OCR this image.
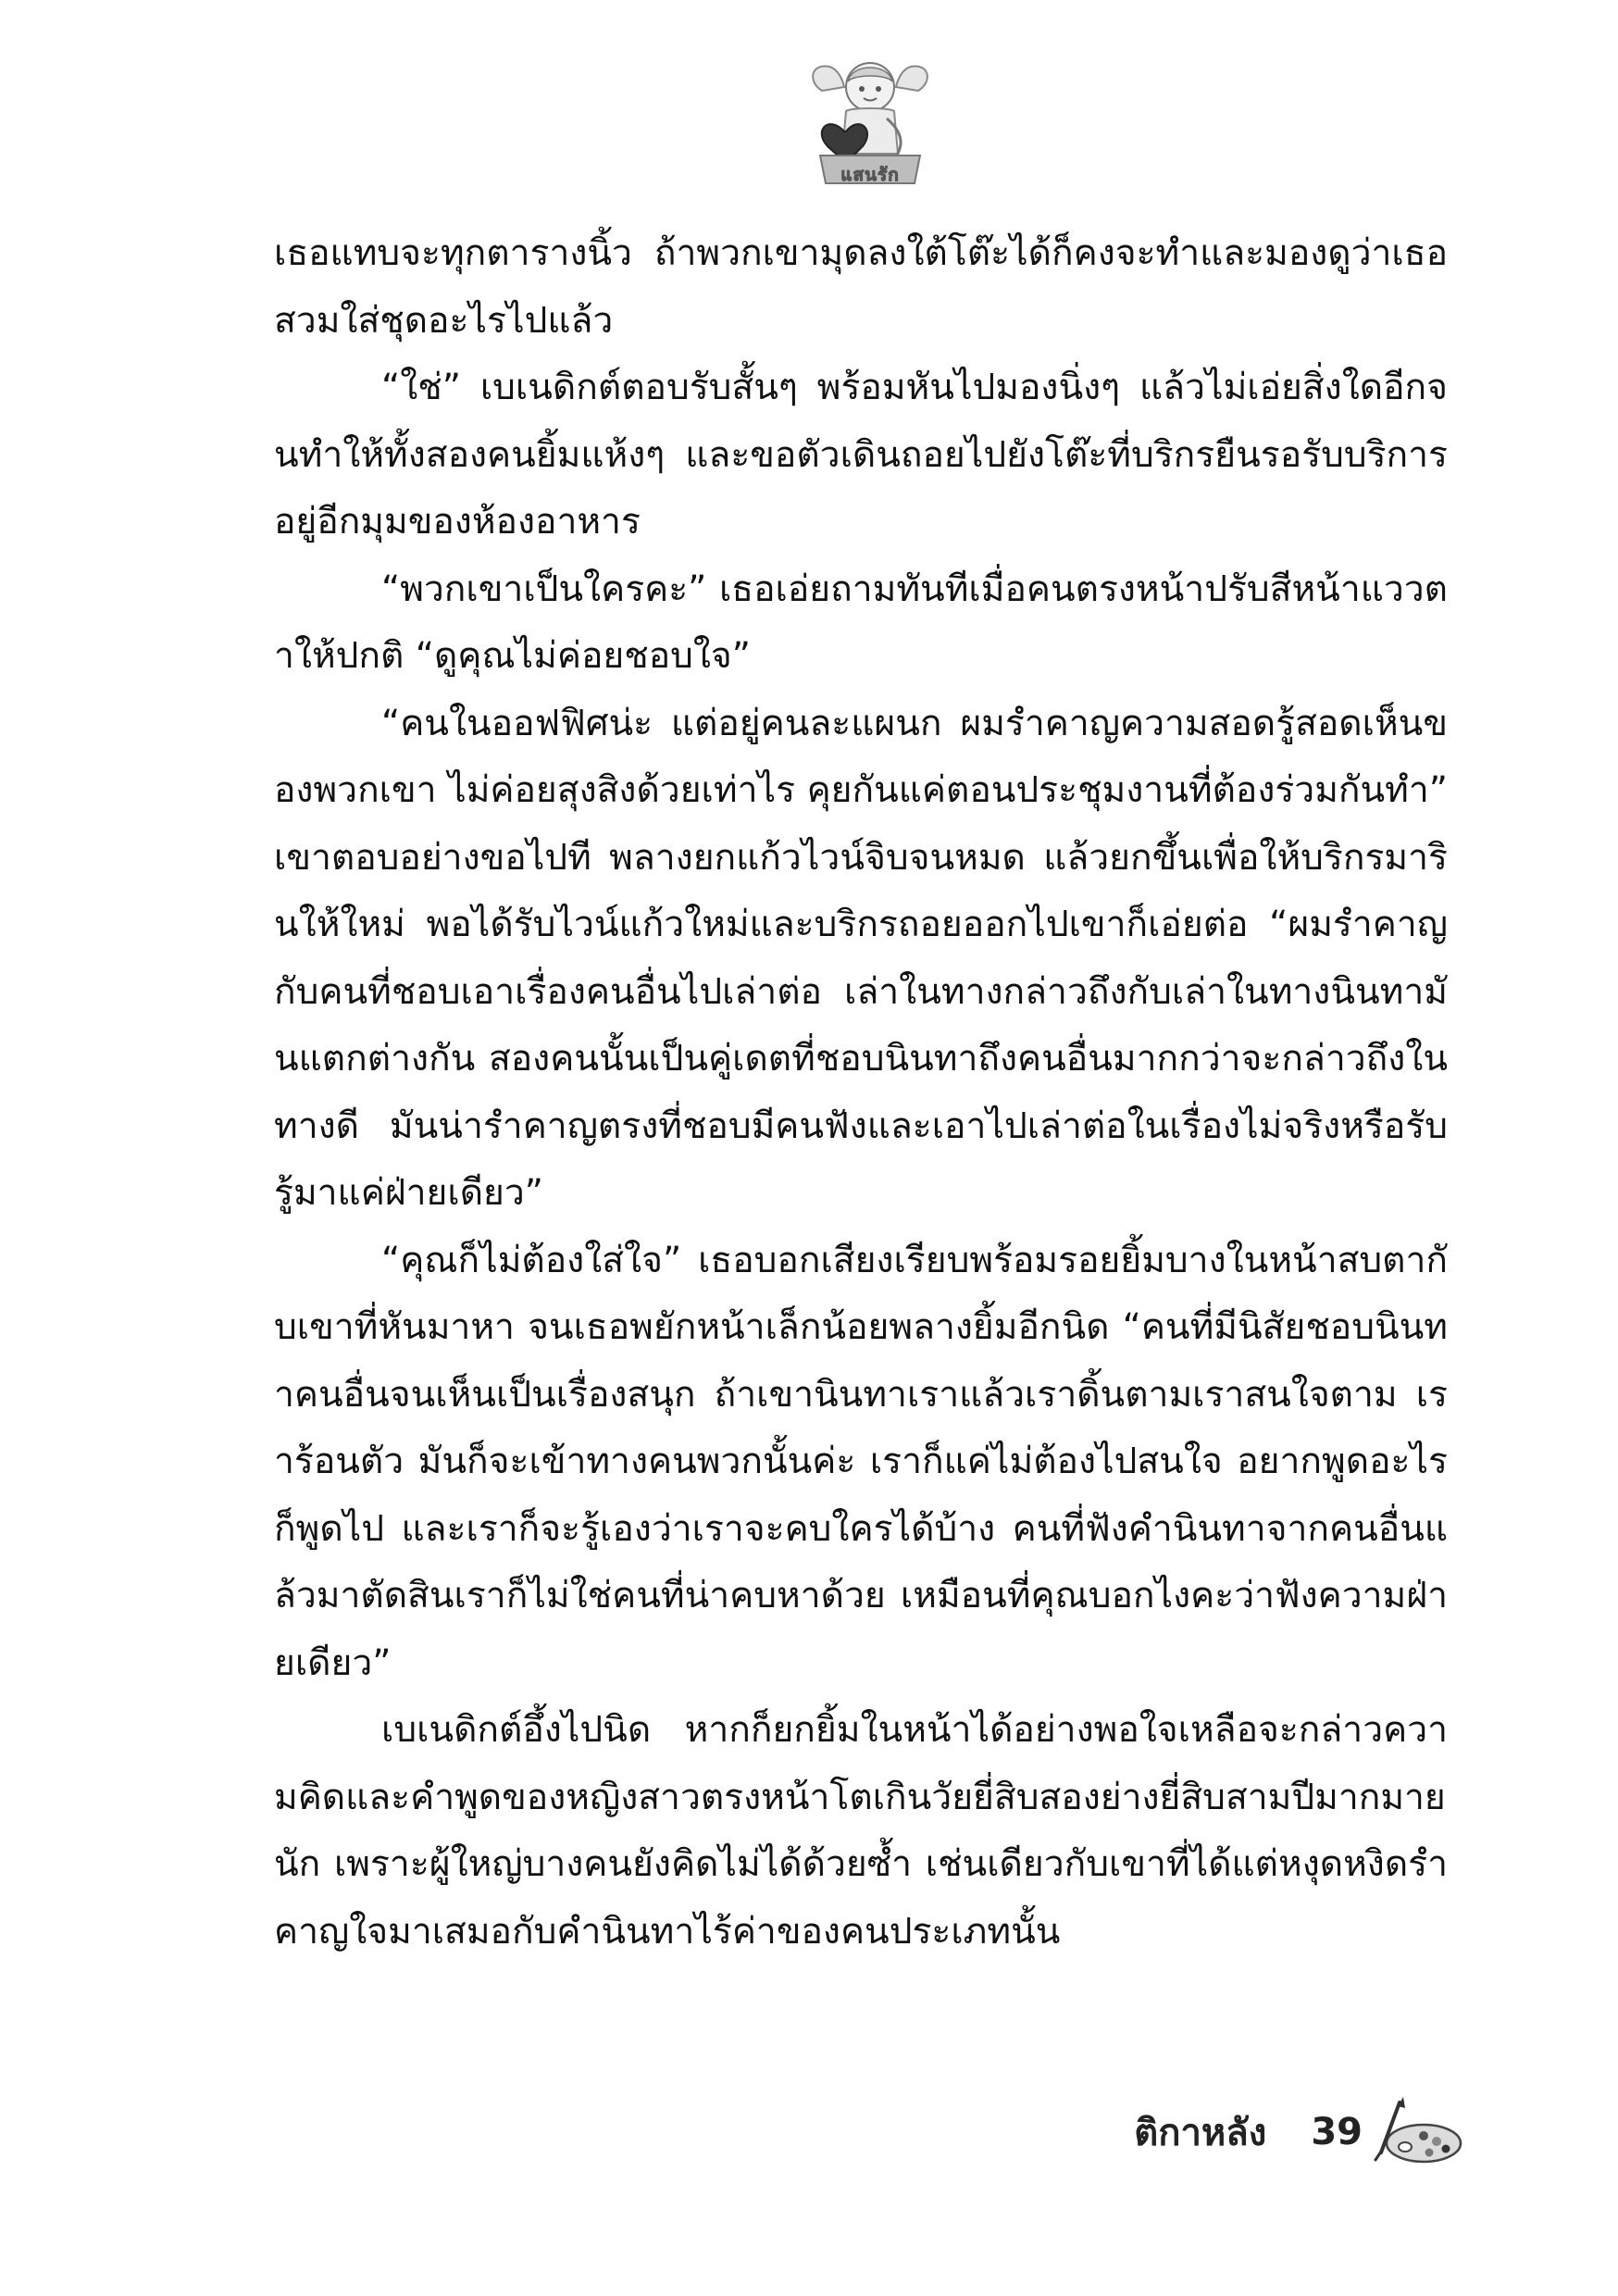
แสนรัก

เธอแทบจะทุกตารางนิ้ว ถ้าพวกเขามุดลงใต้โต๊ะได้ก็คงจะทำและมองดูว่าเธอสวมใส่ชุดอะไรไปแล้ว

“ใช่” เบเนดิกต์ตอบรับสั้นๆ พร้อมหันไปมองนิ่งๆ แล้วไม่เอ่ยสิ่งใดอีกจนทำให้ทั้งสองคนยิ้มแห้งๆ และขอตัวเดินถอยไปยังโต๊ะที่บริกรยืนรอรับบริการอยู่อีกมุมของห้องอาหาร

“พวกเขาเป็นใครคะ” เธอเอ่ยถามทันทีเมื่อคนตรงหน้าปรับสีหน้าแววตาให้ปกติ “ดูคุณไม่ค่อยชอบใจ”

“คนในออฟฟิศน่ะ แต่อยู่คนละแผนก ผมรำคาญความสอดรู้สอดเห็นของพวกเขา ไม่ค่อยสุงสิงด้วยเท่าไร คุยกันแค่ตอนประชุมงานที่ต้องร่วมกันทำ” เขาตอบอย่างขอไปที พลางยกแก้วไวน์จิบจนหมด แล้วยกขึ้นเพื่อให้บริกรมารินให้ใหม่ พอได้รับไวน์แก้วใหม่และบริกรถอยออกไปเขาก็เอ่ยต่อ “ผมรำคาญกับคนที่ชอบเอาเรื่องคนอื่นไปเล่าต่อ เล่าในทางกล่าวถึงกับเล่าในทางนินทามันแตกต่างกัน สองคนนั้นเป็นคู่เดตที่ชอบนินทาถึงคนอื่นมากกว่าจะกล่าวถึงในทางดี มันน่ารำคาญตรงที่ชอบมีคนฟังและเอาไปเล่าต่อในเรื่องไม่จริงหรือรับรู้มาแค่ฝ่ายเดียว”

“คุณก็ไม่ต้องใส่ใจ” เธอบอกเสียงเรียบพร้อมรอยยิ้มบางในหน้าสบตากับเขาที่หันมาหา จนเธอพยักหน้าเล็กน้อยพลางยิ้มอีกนิด “คนที่มีนิสัยชอบนินทาคนอื่นจนเห็นเป็นเรื่องสนุก ถ้าเขานินทาเราแล้วเราดิ้นตามเราสนใจตาม เราร้อนตัว มันก็จะเข้าทางคนพวกนั้นค่ะ เราก็แค่ไม่ต้องไปสนใจ อยากพูดอะไรก็พูดไป และเราก็จะรู้เองว่าเราจะคบใครได้บ้าง คนที่ฟังคำนินทาจากคนอื่นแล้วมาตัดสินเราก็ไม่ใช่คนที่น่าคบหาด้วย เหมือนที่คุณบอกไงคะว่าฟังความฝ่ายเดียว”

เบเนดิกต์อึ้งไปนิด หากก็ยกยิ้มในหน้าได้อย่างพอใจเหลือจะกล่าวความคิดและคำพูดของหญิงสาวตรงหน้าโตเกินวัยยี่สิบสองย่างยี่สิบสามปีมากมายนัก เพราะผู้ใหญ่บางคนยังคิดไม่ได้ด้วยซ้ำ เช่นเดียวกับเขาที่ได้แต่หงุดหงิดรำคาญใจมาเสมอกับคำนินทาไร้ค่าของคนประเภทนั้น

ติกาหลัง 39
